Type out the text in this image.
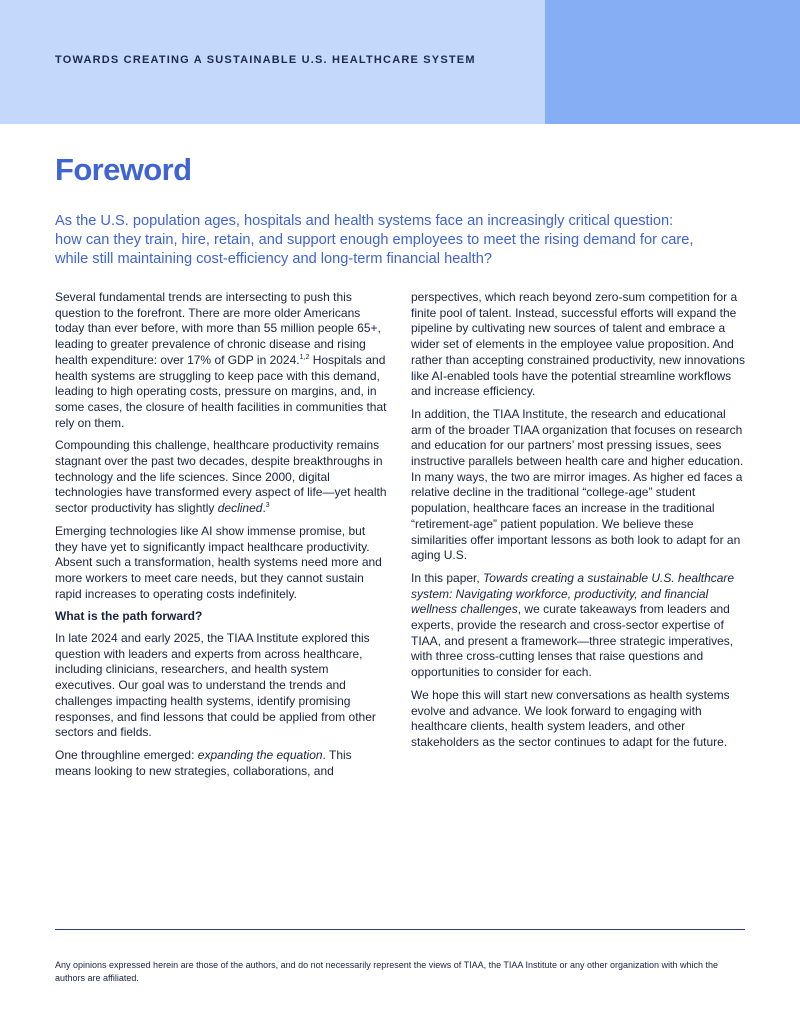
TOWARDS CREATING A SUSTAINABLE U.S. HEALTHCARE SYSTEM

Foreword

As the U.S. population ages, hospitals and health systems face an increasingly critical question: how can they train, hire, retain, and support enough employees to meet the rising demand for care, while still maintaining cost-efficiency and long-term financial health?

Several fundamental trends are intersecting to push this question to the forefront. There are more older Americans today than ever before, with more than 55 million people 65+, leading to greater prevalence of chronic disease and rising health expenditure: over 17% of GDP in 2024.$^{1,2}$ Hospitals and health systems are struggling to keep pace with this demand, leading to high operating costs, pressure on margins, and, in some cases, the closure of health facilities in communities that rely on them.

Compounding this challenge, healthcare productivity remains stagnant over the past two decades, despite breakthroughs in technology and the life sciences. Since 2000, digital technologies have transformed every aspect of life—yet health sector productivity has slightly declined.$^3$

Emerging technologies like AI show immense promise, but they have yet to significantly impact healthcare productivity. Absent such a transformation, health systems need more and more workers to meet care needs, but they cannot sustain rapid increases to operating costs indefinitely.

What is the path forward?

In late 2024 and early 2025, the TIAA Institute explored this question with leaders and experts from across healthcare, including clinicians, researchers, and health system executives. Our goal was to understand the trends and challenges impacting health systems, identify promising responses, and find lessons that could be applied from other sectors and fields.

One throughline emerged: expanding the equation. This means looking to new strategies, collaborations, and

perspectives, which reach beyond zero-sum competition for a finite pool of talent. Instead, successful efforts will expand the pipeline by cultivating new sources of talent and embrace a wider set of elements in the employee value proposition. And rather than accepting constrained productivity, new innovations like AI-enabled tools have the potential streamline workflows and increase efficiency.

In addition, the TIAA Institute, the research and educational arm of the broader TIAA organization that focuses on research and education for our partners’ most pressing issues, sees instructive parallels between health care and higher education. In many ways, the two are mirror images. As higher ed faces a relative decline in the traditional “college-age” student population, healthcare faces an increase in the traditional “retirement-age” patient population. We believe these similarities offer important lessons as both look to adapt for an aging U.S.

In this paper, Towards creating a sustainable U.S. healthcare system: Navigating workforce, productivity, and financial wellness challenges, we curate takeaways from leaders and experts, provide the research and cross-sector expertise of TIAA, and present a framework—three strategic imperatives, with three cross-cutting lenses that raise questions and opportunities to consider for each.

We hope this will start new conversations as health systems evolve and advance. We look forward to engaging with healthcare clients, health system leaders, and other stakeholders as the sector continues to adapt for the future.

Any opinions expressed herein are those of the authors, and do not necessarily represent the views of TIAA, the TIAA Institute or any other organization with which the authors are affiliated.
